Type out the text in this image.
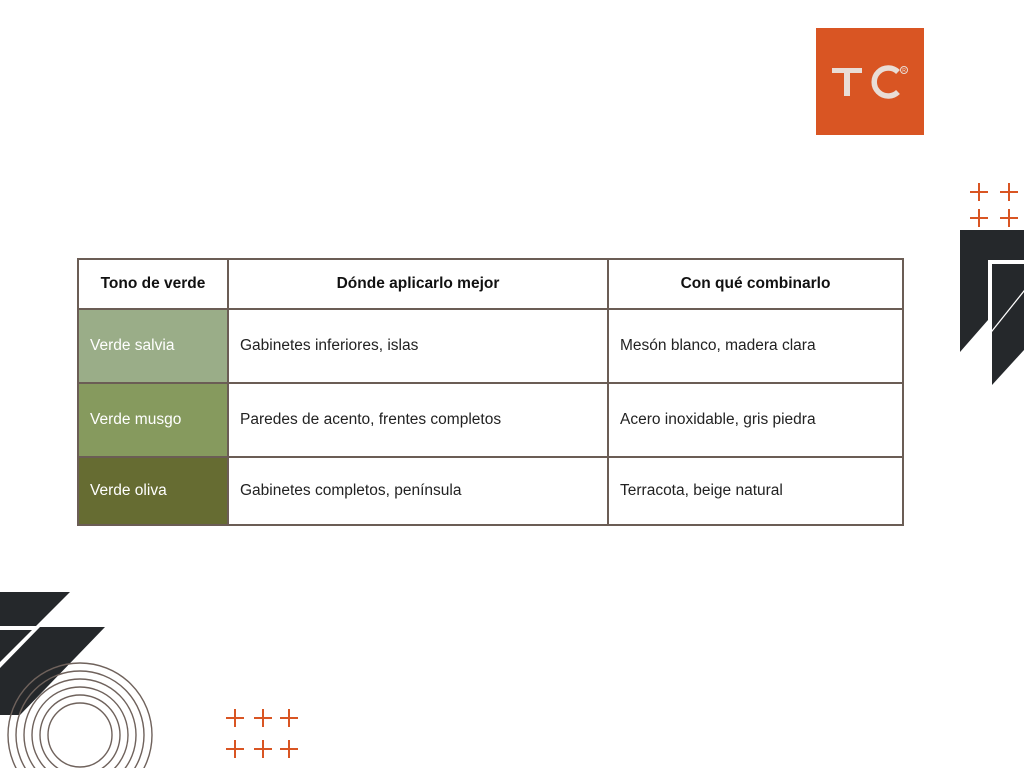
R
Tono de verde	Dónde aplicarlo mejor	Con qué combinarlo
Verde salvia	Gabinetes inferiores, islas	Mesón blanco, madera clara
Verde musgo	Paredes de acento, frentes completos	Acero inoxidable, gris piedra
Verde oliva	Gabinetes completos, península	Terracota, beige natural
